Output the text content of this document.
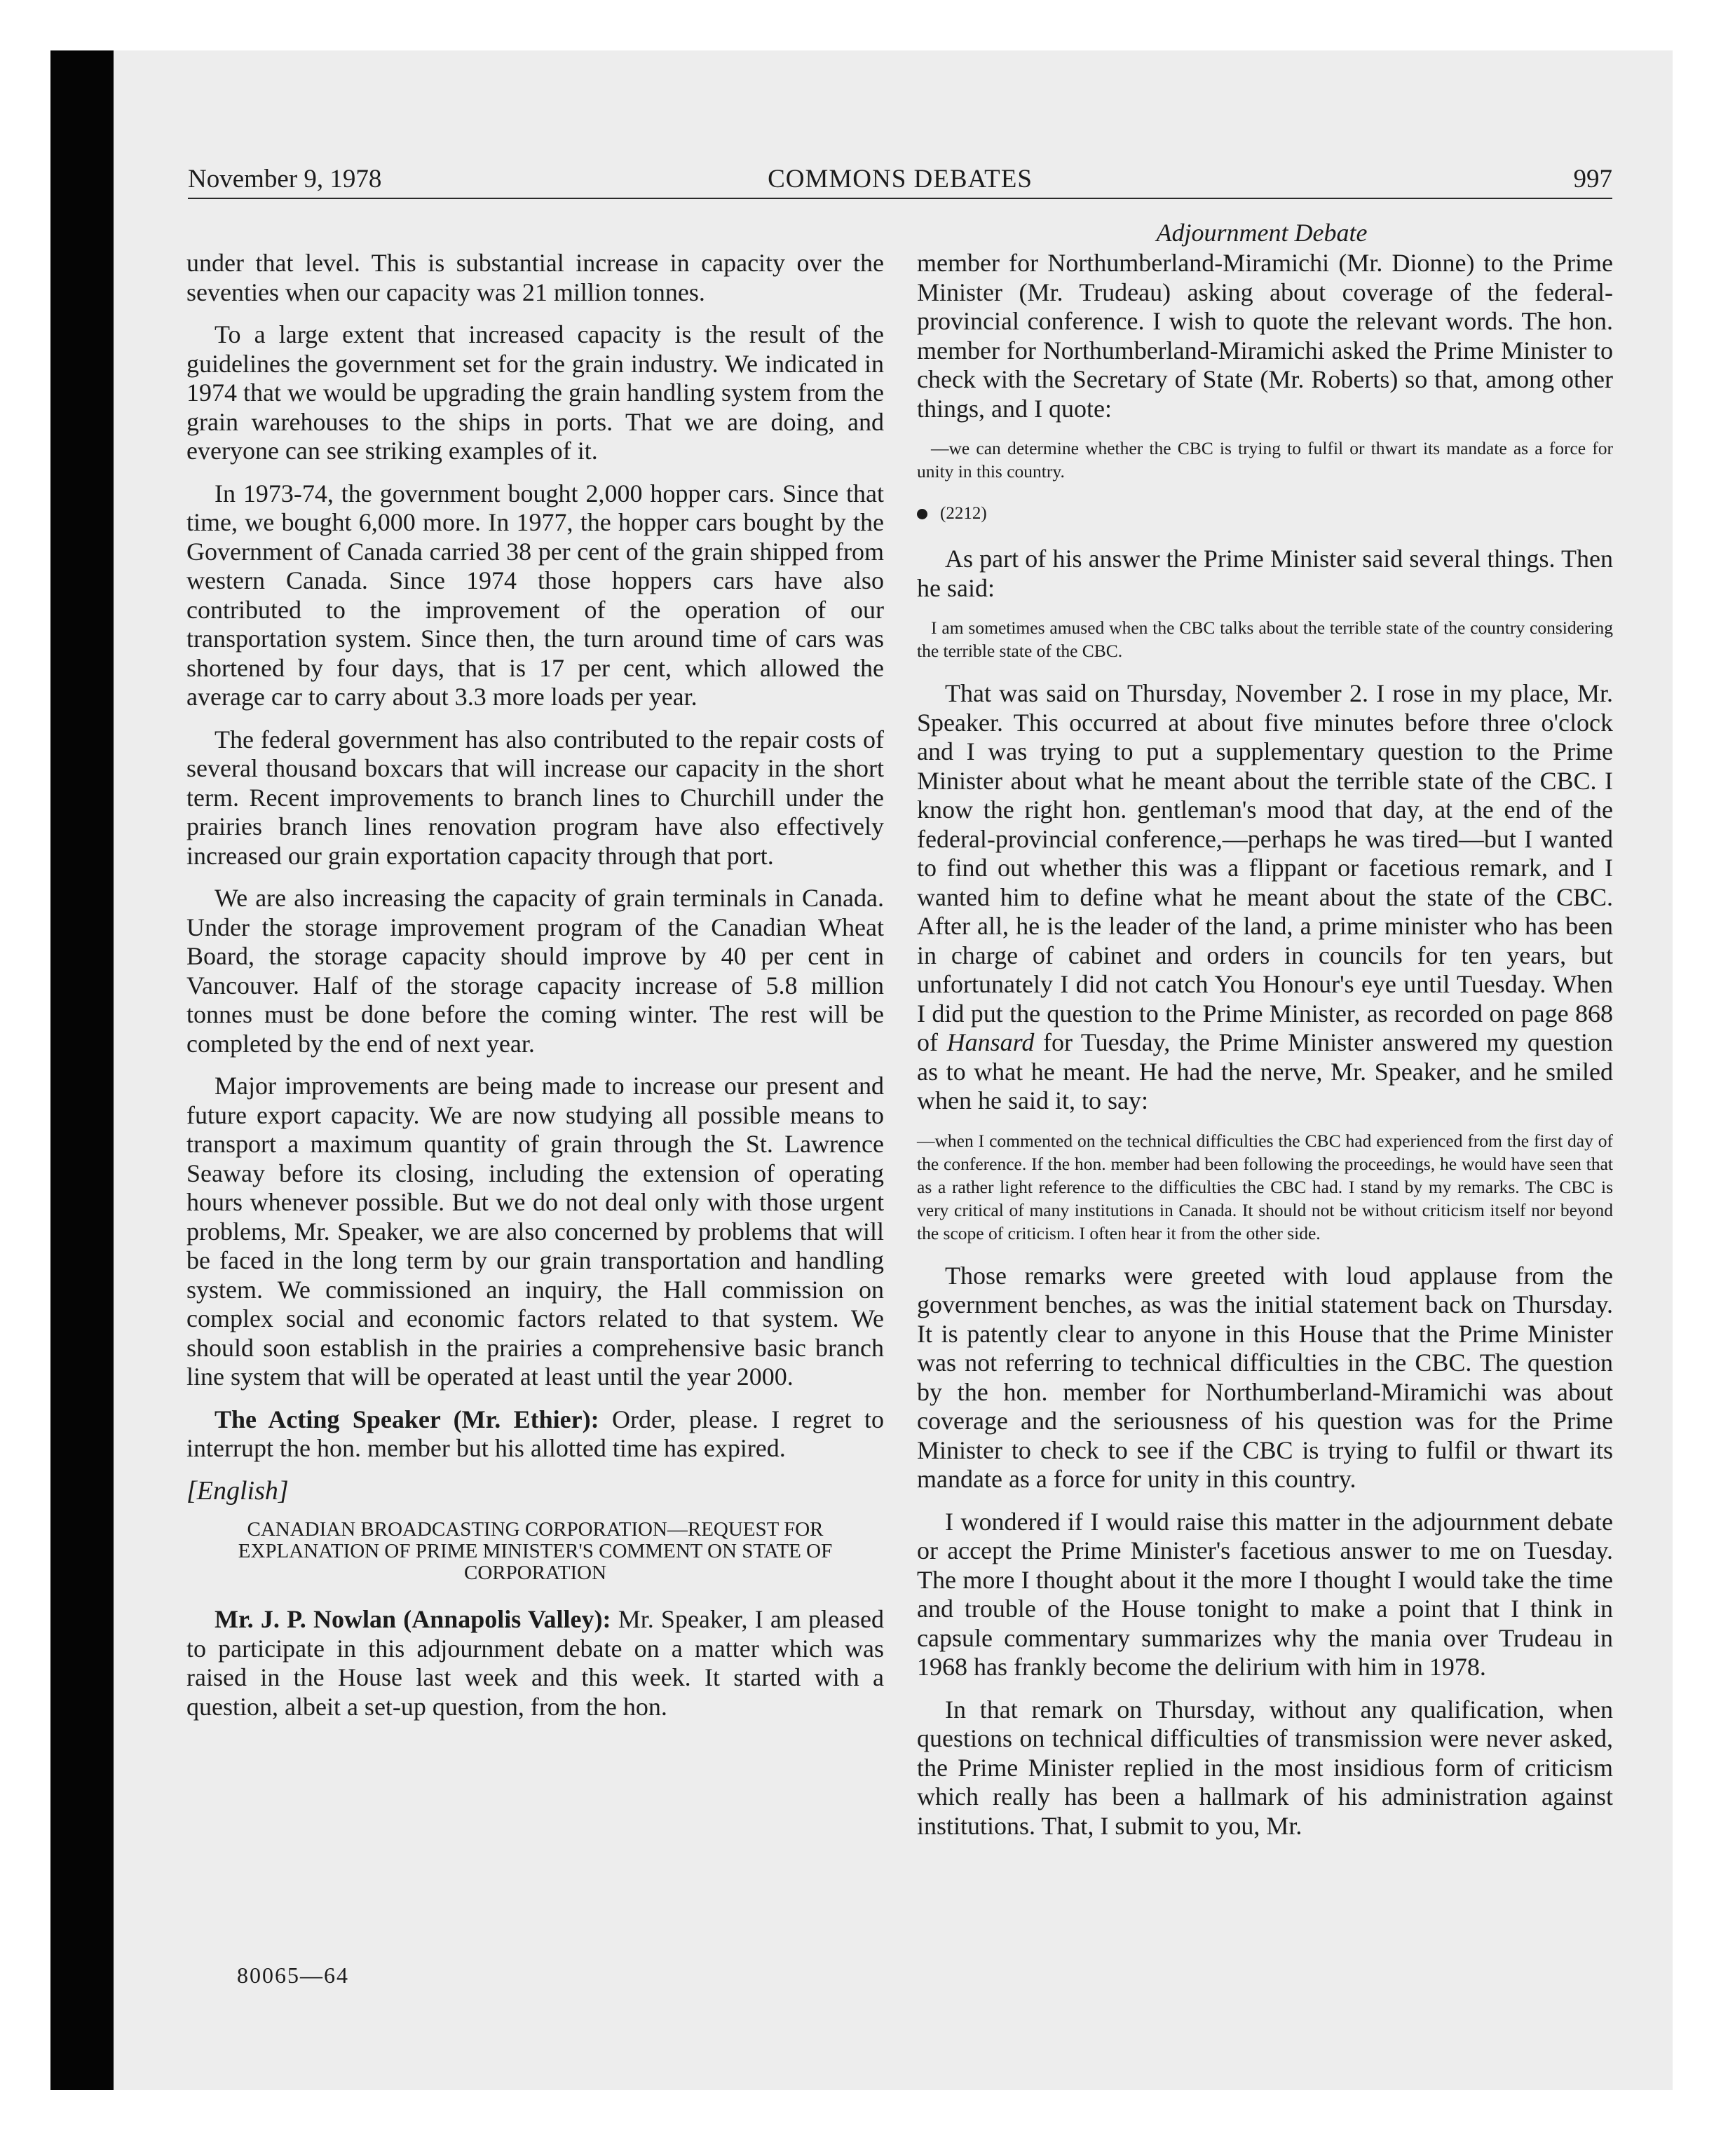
November 9, 1978	COMMONS DEBATES	997
Adjournment Debate

under that level. This is substantial increase in capacity over the seventies when our capacity was 21 million tonnes.

To a large extent that increased capacity is the result of the guidelines the government set for the grain industry. We indicated in 1974 that we would be upgrading the grain handling system from the grain warehouses to the ships in ports. That we are doing, and everyone can see striking examples of it.

In 1973-74, the government bought 2,000 hopper cars. Since that time, we bought 6,000 more. In 1977, the hopper cars bought by the Government of Canada carried 38 per cent of the grain shipped from western Canada. Since 1974 those hoppers cars have also contributed to the improvement of the operation of our transportation system. Since then, the turn around time of cars was shortened by four days, that is 17 per cent, which allowed the average car to carry about 3.3 more loads per year.

The federal government has also contributed to the repair costs of several thousand boxcars that will increase our capacity in the short term. Recent improvements to branch lines to Churchill under the prairies branch lines renovation program have also effectively increased our grain exportation capacity through that port.

We are also increasing the capacity of grain terminals in Canada. Under the storage improvement program of the Canadian Wheat Board, the storage capacity should improve by 40 per cent in Vancouver. Half of the storage capacity increase of 5.8 million tonnes must be done before the coming winter. The rest will be completed by the end of next year.

Major improvements are being made to increase our present and future export capacity. We are now studying all possible means to transport a maximum quantity of grain through the St. Lawrence Seaway before its closing, including the extension of operating hours whenever possible. But we do not deal only with those urgent problems, Mr. Speaker, we are also concerned by problems that will be faced in the long term by our grain transportation and handling system. We commissioned an inquiry, the Hall commission on complex social and economic factors related to that system. We should soon establish in the prairies a comprehensive basic branch line system that will be operated at least until the year 2000.

The Acting Speaker (Mr. Ethier): Order, please. I regret to interrupt the hon. member but his allotted time has expired.

[English]

CANADIAN BROADCASTING CORPORATION—REQUEST FOR EXPLANATION OF PRIME MINISTER'S COMMENT ON STATE OF CORPORATION

Mr. J. P. Nowlan (Annapolis Valley): Mr. Speaker, I am pleased to participate in this adjournment debate on a matter which was raised in the House last week and this week. It started with a question, albeit a set-up question, from the hon.

member for Northumberland-Miramichi (Mr. Dionne) to the Prime Minister (Mr. Trudeau) asking about coverage of the federal-provincial conference. I wish to quote the relevant words. The hon. member for Northumberland-Miramichi asked the Prime Minister to check with the Secretary of State (Mr. Roberts) so that, among other things, and I quote:

—we can determine whether the CBC is trying to fulfil or thwart its mandate as a force for unity in this country.
(2212)

As part of his answer the Prime Minister said several things. Then he said:

I am sometimes amused when the CBC talks about the terrible state of the country considering the terrible state of the CBC.

That was said on Thursday, November 2. I rose in my place, Mr. Speaker. This occurred at about five minutes before three o'clock and I was trying to put a supplementary question to the Prime Minister about what he meant about the terrible state of the CBC. I know the right hon. gentleman's mood that day, at the end of the federal-provincial conference,—perhaps he was tired—but I wanted to find out whether this was a flippant or facetious remark, and I wanted him to define what he meant about the state of the CBC. After all, he is the leader of the land, a prime minister who has been in charge of cabinet and orders in councils for ten years, but unfortunately I did not catch You Honour's eye until Tuesday. When I did put the question to the Prime Minister, as recorded on page 868 of Hansard for Tuesday, the Prime Minister answered my question as to what he meant. He had the nerve, Mr. Speaker, and he smiled when he said it, to say:

—when I commented on the technical difficulties the CBC had experienced from the first day of the conference. If the hon. member had been following the proceedings, he would have seen that as a rather light reference to the difficulties the CBC had. I stand by my remarks. The CBC is very critical of many institutions in Canada. It should not be without criticism itself nor beyond the scope of criticism. I often hear it from the other side.

Those remarks were greeted with loud applause from the government benches, as was the initial statement back on Thursday. It is patently clear to anyone in this House that the Prime Minister was not referring to technical difficulties in the CBC. The question by the hon. member for Northumberland-Miramichi was about coverage and the seriousness of his question was for the Prime Minister to check to see if the CBC is trying to fulfil or thwart its mandate as a force for unity in this country.

I wondered if I would raise this matter in the adjournment debate or accept the Prime Minister's facetious answer to me on Tuesday. The more I thought about it the more I thought I would take the time and trouble of the House tonight to make a point that I think in capsule commentary summarizes why the mania over Trudeau in 1968 has frankly become the delirium with him in 1978.

In that remark on Thursday, without any qualification, when questions on technical difficulties of transmission were never asked, the Prime Minister replied in the most insidious form of criticism which really has been a hallmark of his administration against institutions. That, I submit to you, Mr.

80065—64
